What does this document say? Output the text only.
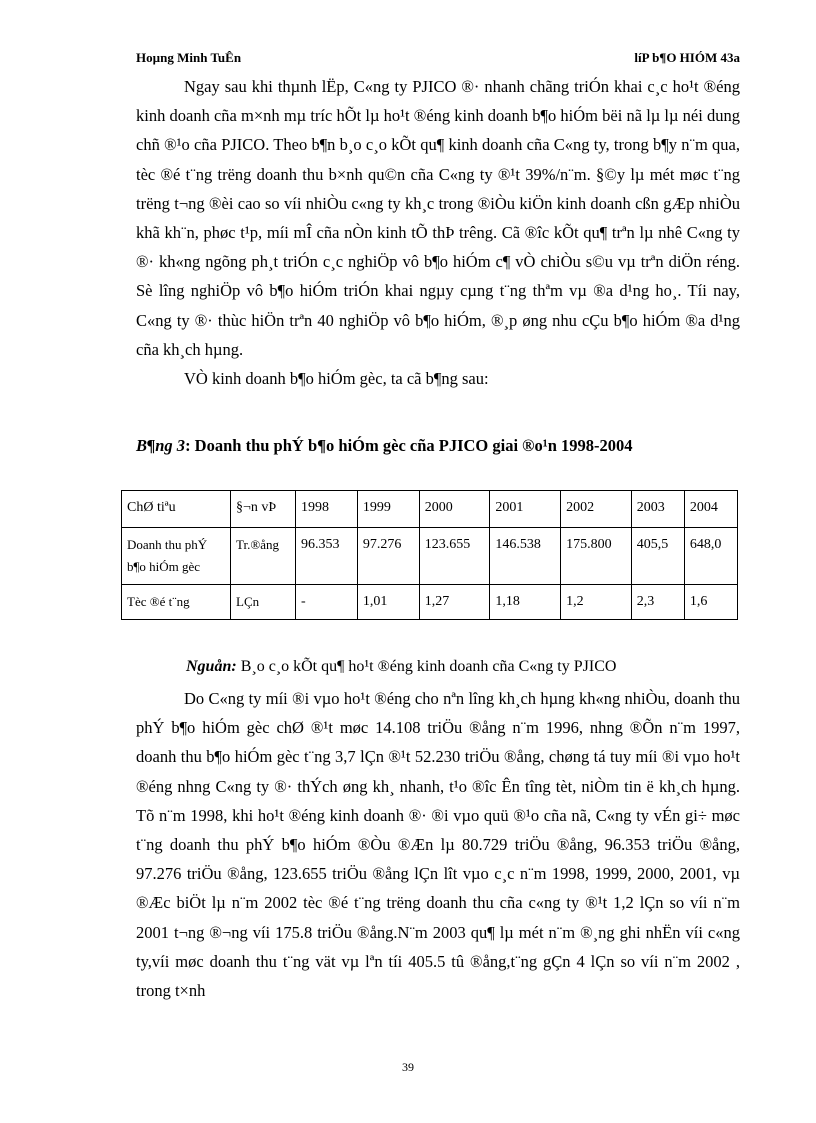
Hoµng Minh TuÊn	líP b¶O HIÓM 43a

Ngay sau khi thµnh lËp, C«ng ty PJICO ®· nhanh chãng triÓn khai c¸c ho¹t ®éng kinh doanh cña m×nh mµ tríc hÕt lµ ho¹t ®éng kinh doanh b¶o hiÓm bëi nã lµ lµ néi dung chñ ®¹o cña PJICO. Theo b¶n b¸o c¸o kÕt qu¶ kinh doanh cña C«ng ty, trong b¶y n¨m qua, tèc ®é t¨ng trëng doanh thu b×nh qu©n cña C«ng ty ®¹t 39%/n¨m. §©y lµ mét møc t¨ng trëng t¬ng ®èi cao so víi nhiÒu c«ng ty kh¸c trong ®iÒu kiÖn kinh doanh cßn gÆp nhiÒu khã kh¨n, phøc t¹p, míi mÎ cña nÒn kinh tÕ thÞ trêng. Cã ®îc kÕt qu¶ trªn lµ nhê C«ng ty ®· kh«ng ngõng ph¸t triÓn c¸c nghiÖp vô b¶o hiÓm c¶ vÒ chiÒu s©u vµ trªn diÖn réng. Sè lîng nghiÖp vô b¶o hiÓm triÓn khai ngµy cµng t¨ng thªm vµ ®a d¹ng ho¸. Tíi nay, C«ng ty ®· thùc hiÖn trªn 40 nghiÖp vô b¶o hiÓm, ®¸p øng nhu cÇu b¶o hiÓm ®a d¹ng cña kh¸ch hµng.

VÒ kinh doanh b¶o hiÓm gèc, ta cã b¶ng sau:

B¶ng 3: Doanh thu phÝ b¶o hiÓm gèc cña PJICO giai ®o¹n 1998-2004
ChØ tiªu	§¬n vÞ	1998	1999	2000	2001	2002	2003	2004
Doanh thu phÝ b¶o hiÓm gèc	Tr.®ång	96.353	97.276	123.655	146.538	175.800	405,5	648,0
Tèc ®é t¨ng	LÇn	-	1,01	1,27	1,18	1,2	2,3	1,6
Nguån: B¸o c¸o kÕt qu¶ ho¹t ®éng kinh doanh cña C«ng ty PJICO

Do C«ng ty míi ®i vµo ho¹t ®éng cho nªn lîng kh¸ch hµng kh«ng nhiÒu, doanh thu phÝ b¶o hiÓm gèc chØ ®¹t møc 14.108 triÖu ®ång n¨m 1996, nhng ®Õn n¨m 1997, doanh thu b¶o hiÓm gèc t¨ng 3,7 lÇn ®¹t 52.230 triÖu ®ång, chøng tá tuy míi ®i vµo ho¹t ®éng nhng C«ng ty ®· thÝch øng kh¸ nhanh, t¹o ®îc Ên tîng tèt, niÒm tin ë kh¸ch hµng. Tõ n¨m 1998, khi ho¹t ®éng kinh doanh ®· ®i vµo quü ®¹o cña nã, C«ng ty vÉn gi÷ møc t¨ng doanh thu phÝ b¶o hiÓm ®Òu ®Æn lµ 80.729 triÖu ®ång, 96.353 triÖu ®ång, 97.276 triÖu ®ång, 123.655 triÖu ®ång lÇn lît vµo c¸c n¨m 1998, 1999, 2000, 2001, vµ ®Æc biÖt lµ n¨m 2002 tèc ®é t¨ng trëng doanh thu cña c«ng ty ®¹t 1,2 lÇn so víi n¨m 2001 t¬ng ®¬ng víi 175.8 triÖu ®ång.N¨m 2003 qu¶ lµ mét n¨m ®¸ng ghi nhËn víi c«ng ty,víi møc doanh thu t¨ng vät vµ lªn tíi 405.5 tû ®ång,t¨ng gÇn 4 lÇn so víi n¨m 2002 , trong t×nh

39
